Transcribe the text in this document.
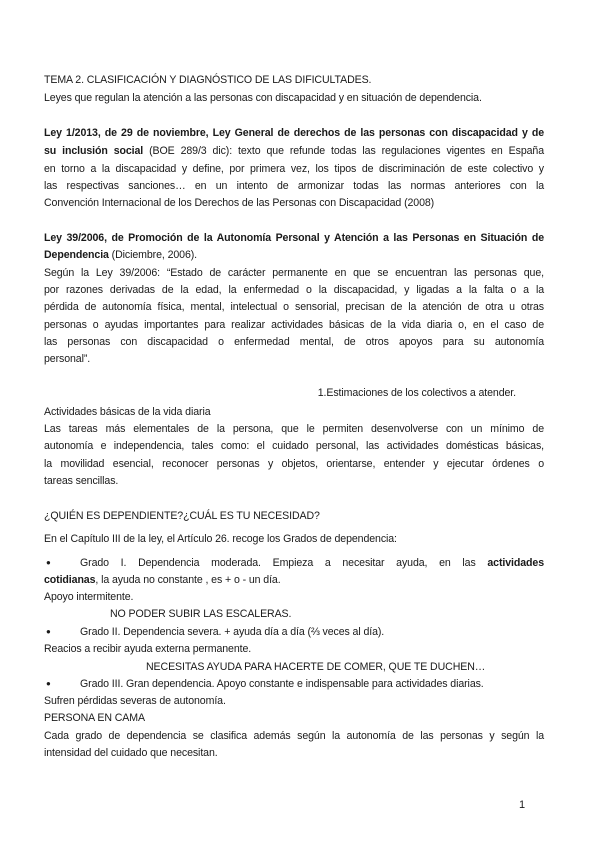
TEMA 2. CLASIFICACIÓN Y DIAGNÓSTICO DE LAS DIFICULTADES.
Leyes que regulan la atención a las personas con discapacidad y en situación de dependencia.
Ley 1/2013, de 29 de noviembre, Ley General de derechos de las personas con discapacidad y de
su inclusión social (BOE 289/3 dic): texto que refunde todas las regulaciones vigentes en España
en torno a la discapacidad y define, por primera vez, los tipos de discriminación de este colectivo y
las respectivas sanciones… en un intento de armonizar todas las normas anteriores con la
Convención Internacional de los Derechos de las Personas con Discapacidad (2008)
Ley 39/2006, de Promoción de la Autonomía Personal y Atención a las Personas en Situación de
Dependencia (Diciembre, 2006).
Según la Ley 39/2006: “Estado de carácter permanente en que se encuentran las personas que,
por razones derivadas de la edad, la enfermedad o la discapacidad, y ligadas a la falta o a la
pérdida de autonomía física, mental, intelectual o sensorial, precisan de la atención de otra u otras
personas o ayudas importantes para realizar actividades básicas de la vida diaria o, en el caso de
las personas con discapacidad o enfermedad mental, de otros apoyos para su autonomía
personal”.
1.Estimaciones de los colectivos a atender.
Actividades básicas de la vida diaria
Las tareas más elementales de la persona, que le permiten desenvolverse con un mínimo de
autonomía e independencia, tales como: el cuidado personal, las actividades domésticas básicas,
la movilidad esencial, reconocer personas y objetos, orientarse, entender y ejecutar órdenes o
tareas sencillas.
¿QUIÉN ES DEPENDIENTE?¿CUÁL ES TU NECESIDAD?
En el Capítulo III de la ley, el Artículo 26. recoge los Grados de dependencia:
●	Grado I. Dependencia moderada. Empieza a necesitar ayuda, en las actividades
cotidianas, la ayuda no constante , es + o - un día.
Apoyo intermitente.
NO PODER SUBIR LAS ESCALERAS.
●	Grado II. Dependencia severa. + ayuda día a día (⅔ veces al día).
Reacios a recibir ayuda externa permanente.
NECESITAS AYUDA PARA HACERTE DE COMER, QUE TE DUCHEN…
●	Grado III. Gran dependencia. Apoyo constante e indispensable para actividades diarias.
Sufren pérdidas severas de autonomía.
PERSONA EN CAMA
Cada grado de dependencia se clasifica además según la autonomía de las personas y según la
intensidad del cuidado que necesitan.
1
